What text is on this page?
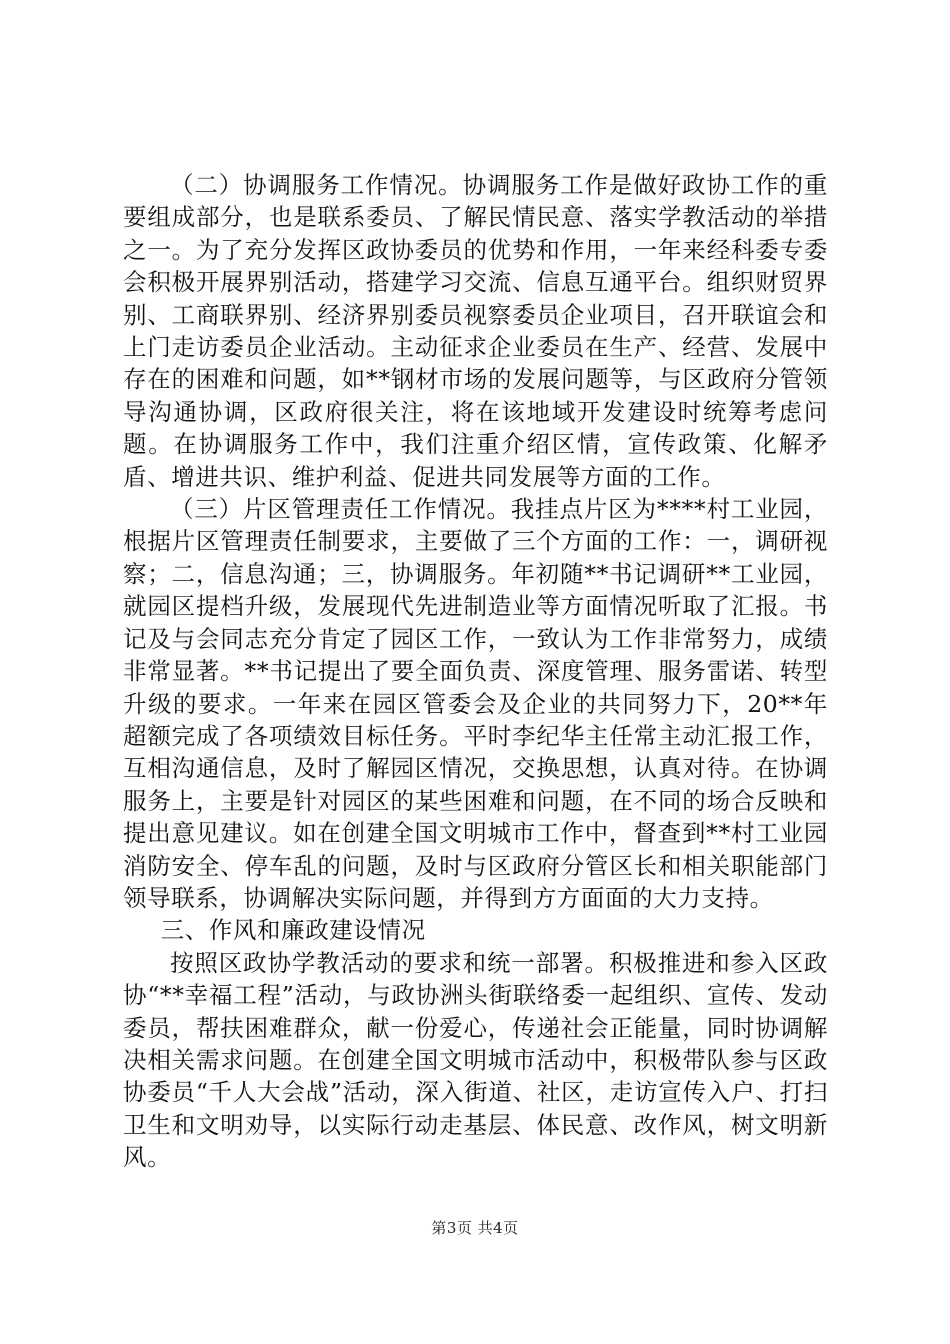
（二）协调服务工作情况。协调服务工作是做好政协工作的重要组成部分，也是联系委员、了解民情民意、落实学教活动的举措之一。为了充分发挥区政协委员的优势和作用，一年来经科委专委会积极开展界别活动，搭建学习交流、信息互通平台。组织财贸界别、工商联界别、经济界别委员视察委员企业项目，召开联谊会和上门走访委员企业活动。主动征求企业委员在生产、经营、发展中存在的困难和问题，如**钢材市场的发展问题等，与区政府分管领导沟通协调，区政府很关注，将在该地域开发建设时统筹考虑问题。在协调服务工作中，我们注重介绍区情，宣传政策、化解矛盾、增进共识、维护利益、促进共同发展等方面的工作。

（三）片区管理责任工作情况。我挂点片区为****村工业园，根据片区管理责任制要求，主要做了三个方面的工作：一，调研视察；二，信息沟通；三，协调服务。年初随**书记调研**工业园，就园区提档升级，发展现代先进制造业等方面情况听取了汇报。书记及与会同志充分肯定了园区工作，一致认为工作非常努力，成绩非常显著。**书记提出了要全面负责、深度管理、服务雷诺、转型升级的要求。一年来在园区管委会及企业的共同努力下，20**年超额完成了各项绩效目标任务。平时李纪华主任常主动汇报工作，互相沟通信息，及时了解园区情况，交换思想，认真对待。在协调服务上，主要是针对园区的某些困难和问题，在不同的场合反映和提出意见建议。如在创建全国文明城市工作中，督查到**村工业园消防安全、停车乱的问题，及时与区政府分管区长和相关职能部门领导联系，协调解决实际问题，并得到方方面面的大力支持。

三、作风和廉政建设情况

按照区政协学教活动的要求和统一部署。积极推进和参入区政协“**幸福工程”活动，与政协洲头街联络委一起组织、宣传、发动委员，帮扶困难群众，献一份爱心，传递社会正能量，同时协调解决相关需求问题。在创建全国文明城市活动中，积极带队参与区政协委员“千人大会战”活动，深入街道、社区，走访宣传入户、打扫卫生和文明劝导，以实际行动走基层、体民意、改作风，树文明新风。

第3页 共4页
